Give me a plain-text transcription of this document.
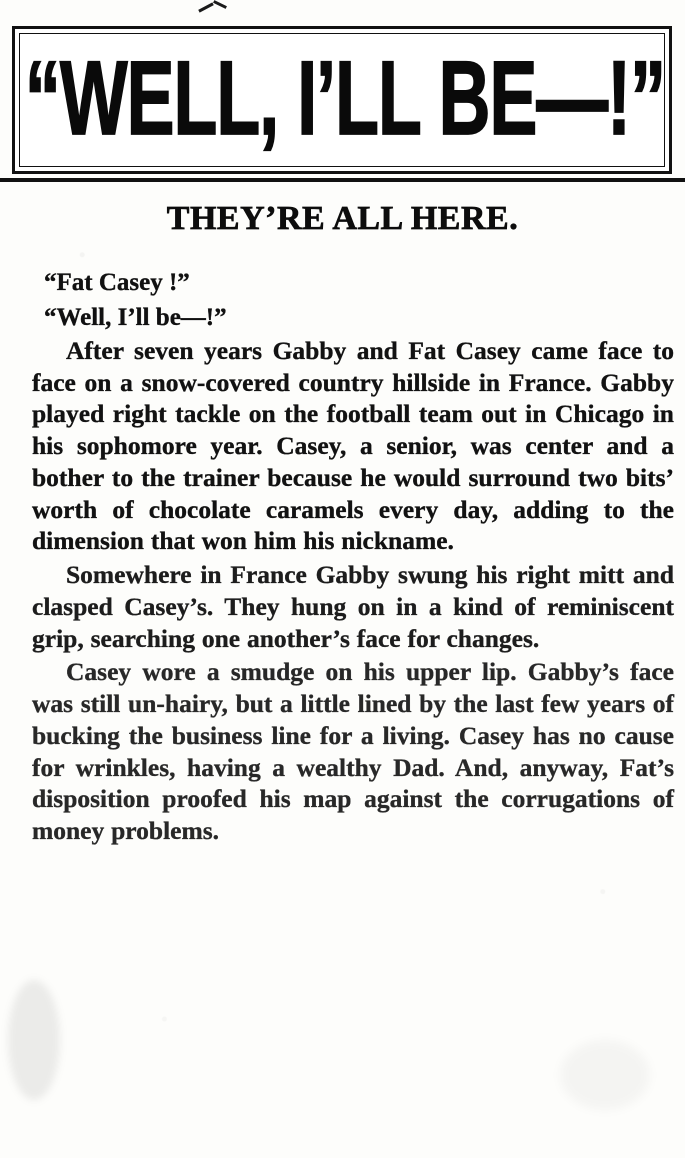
“WELL, I’LL BE—!”
THEY’RE ALL HERE.
“Fat Casey !”
“Well, I’ll be—!”

After seven years Gabby and Fat Casey came face to face on a snow-covered country hillside in France. Gabby played right tackle on the football team out in Chicago in his sophomore year. Casey, a senior, was center and a bother to the trainer because he would surround two bits’ worth of chocolate caramels every day, adding to the dimension that won him his nickname.

Somewhere in France Gabby swung his right mitt and clasped Casey’s. They hung on in a kind of reminiscent grip, searching one another’s face for changes.

Casey wore a smudge on his upper lip. Gabby’s face was still un-hairy, but a little lined by the last few years of bucking the business line for a living. Casey has no cause for wrinkles, having a wealthy Dad. And, anyway, Fat’s disposition proofed his map against the corrugations of money problems.
